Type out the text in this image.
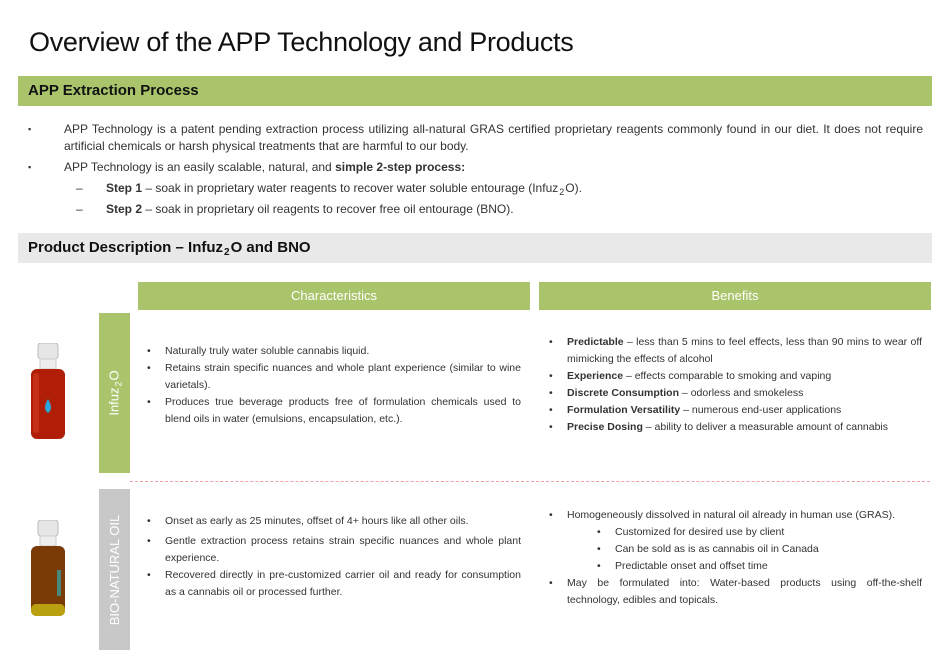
Overview of the APP Technology and Products
APP Extraction Process
▪ APP Technology is a patent pending extraction process utilizing all-natural GRAS certified proprietary reagents commonly found in our diet. It does not require artificial chemicals or harsh physical treatments that are harmful to our body.
▪ APP Technology is an easily scalable, natural, and simple 2-step process:
– Step 1 – soak in proprietary water reagents to recover water soluble entourage (Infuz2O).
– Step 2 – soak in proprietary oil reagents to recover free oil entourage (BNO).
Product Description – Infuz2O and BNO
Characteristics	Benefits
Infuz2O
BIO-NATURAL OIL
• Naturally truly water soluble cannabis liquid.
• Retains strain specific nuances and whole plant experience (similar to wine varietals).
• Produces true beverage products free of formulation chemicals used to blend oils in water (emulsions, encapsulation, etc.).
• Predictable – less than 5 mins to feel effects, less than 90 mins to wear off mimicking the effects of alcohol
• Experience – effects comparable to smoking and vaping
• Discrete Consumption – odorless and smokeless
• Formulation Versatility – numerous end-user applications
• Precise Dosing – ability to deliver a measurable amount of cannabis
• Onset as early as 25 minutes, offset of 4+ hours like all other oils.
• Gentle extraction process retains strain specific nuances and whole plant experience.
• Recovered directly in pre-customized carrier oil and ready for consumption as a cannabis oil or processed further.
• Homogeneously dissolved in natural oil already in human use (GRAS).
• Customized for desired use by client
• Can be sold as is as cannabis oil in Canada
• Predictable onset and offset time
• May be formulated into: Water-based products using off-the-shelf technology, edibles and topicals.
